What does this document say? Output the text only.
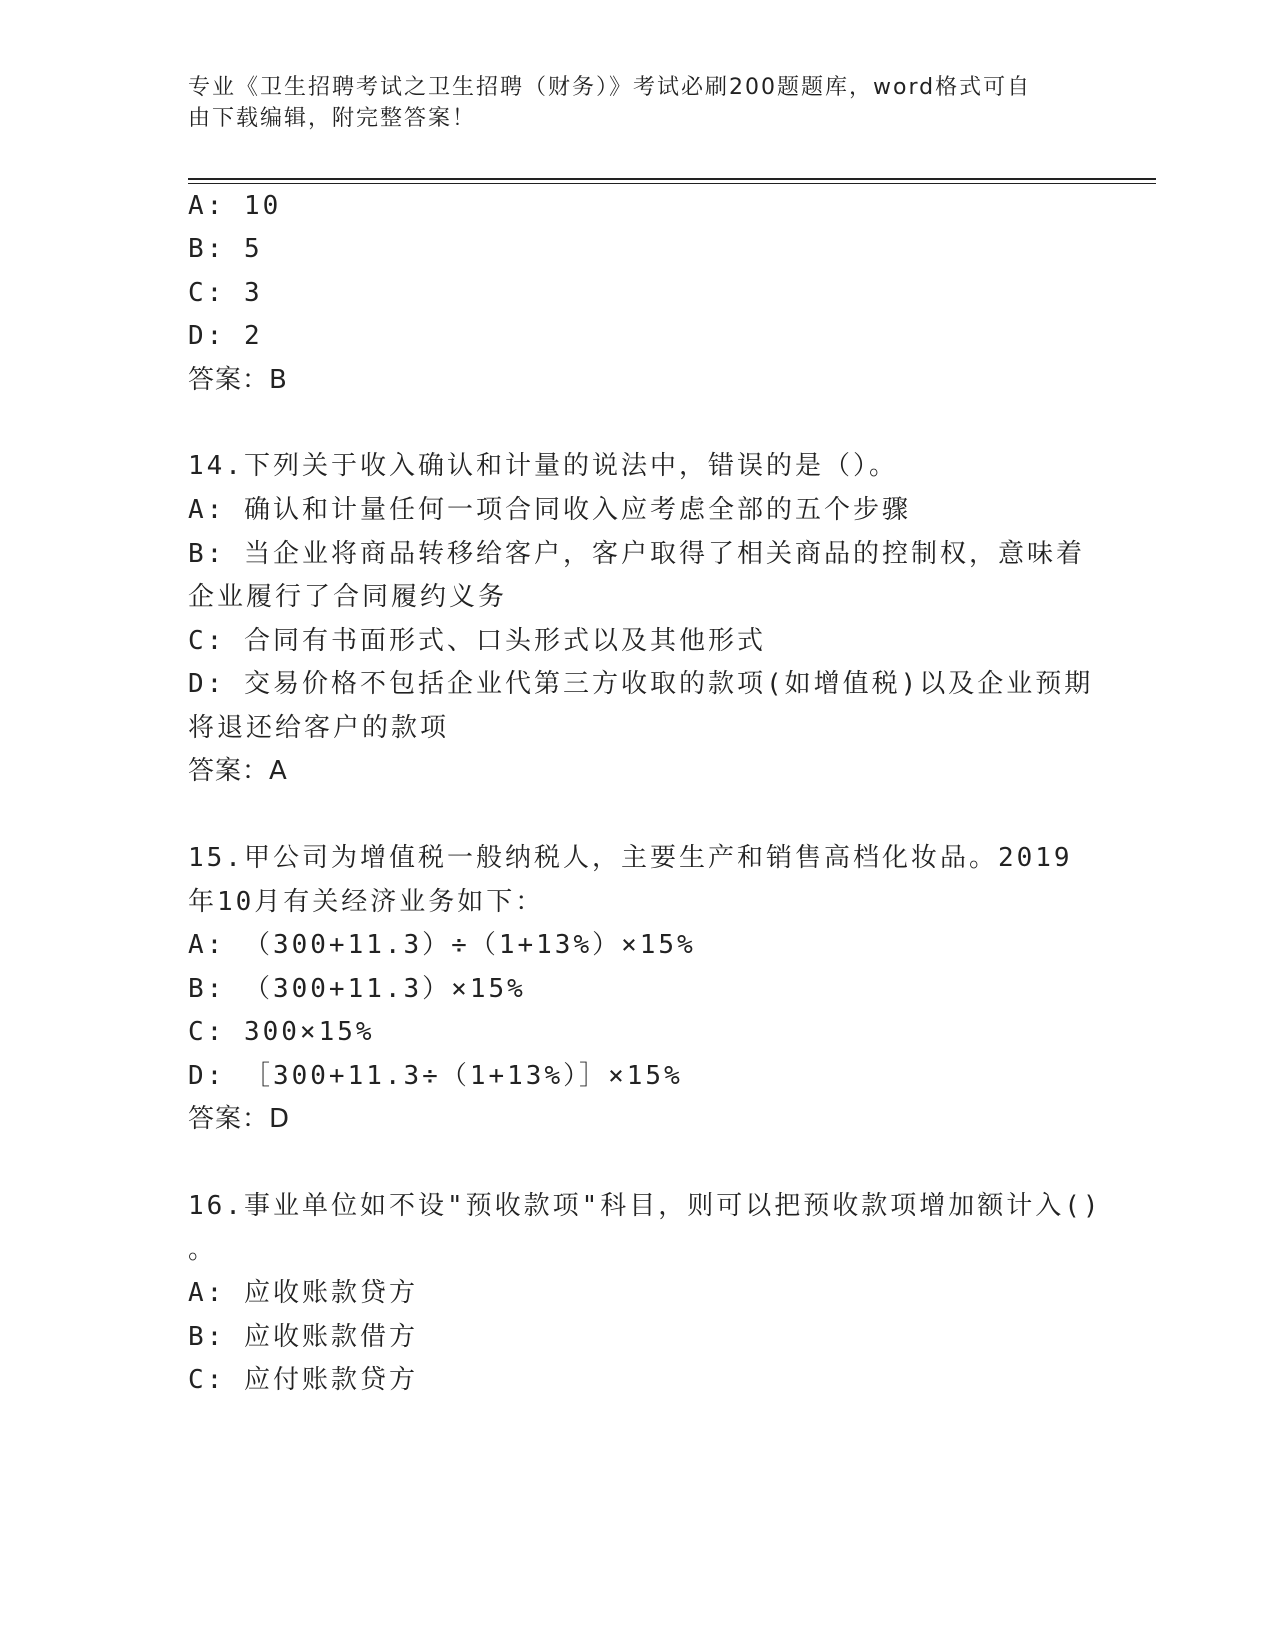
专业《卫生招聘考试之卫生招聘（财务）》考试必刷200题题库，word格式可自
由下载编辑，附完整答案！
A: 10
B: 5
C: 3
D: 2
答案：B
14.下列关于收入确认和计量的说法中，错误的是（）。
A: 确认和计量任何一项合同收入应考虑全部的五个步骤
B: 当企业将商品转移给客户，客户取得了相关商品的控制权，意味着
企业履行了合同履约义务
C: 合同有书面形式、口头形式以及其他形式
D: 交易价格不包括企业代第三方收取的款项(如增值税)以及企业预期
将退还给客户的款项
答案：A
15.甲公司为增值税一般纳税人，主要生产和销售高档化妆品。2019
年10月有关经济业务如下：
A: （300+11.3）÷（1+13%）×15%
B: （300+11.3）×15%
C: 300×15%
D: ［300+11.3÷（1+13%）］×15%
答案：D
16.事业单位如不设"预收款项"科目，则可以把预收款项增加额计入()
。
A: 应收账款贷方
B: 应收账款借方
C: 应付账款贷方
